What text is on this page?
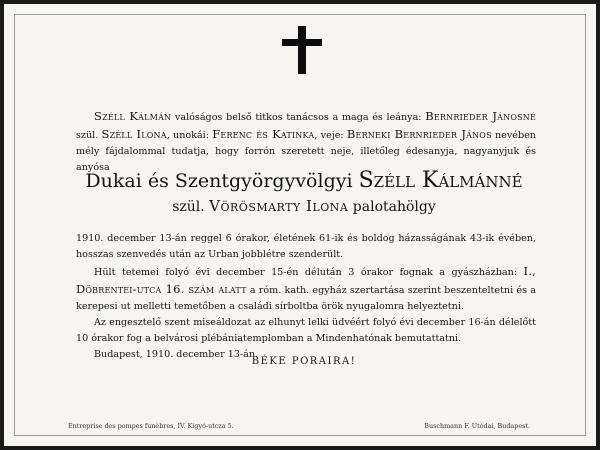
Széll Kálmán valóságos belső titkos tanácsos a maga és leánya: Bernrieder Jánosné szül. Széll Ilona, unokái: Ferenc és Katinka, veje: Berneki Bernrieder János nevében mély fájdalommal tudatja, hogy forrón szeretett neje, illetőleg édesanyja, nagyanyjuk és anyósa
Dukai és Szentgyörgyvölgyi Széll Kálmánné
szül. Vörösmarty Ilona palotahölgy

1910. december 13-án reggel 6 órakor, életének 61-ik és boldog házasságának 43-ik évében, hosszas szenvedés után az Urban jobblétre szenderült.

Hült tetemei folyó évi december 15-én délután 3 órakor fognak a gyászházban: I., Döbrentei-utca 16. szám alatt a róm. kath. egyház szertartása szerint beszenteltetni és a kerepesi ut melletti temetőben a családi sírboltba örök nyugalomra helyeztetni.

Az engesztelő szent miseáldozat az elhunyt lelki üdvéért folyó évi december 16-án délelőtt 10 órakor fog a belvárosi plébániatemplomban a Mindenhatónak bemutattatni.

Budapest, 1910. december 13-án.

BÉKE PORAIRA!
Entreprise des pompes funèbres, IV. Kigyó-utcza 5.	Buschmann F. Utódai, Budapest.
